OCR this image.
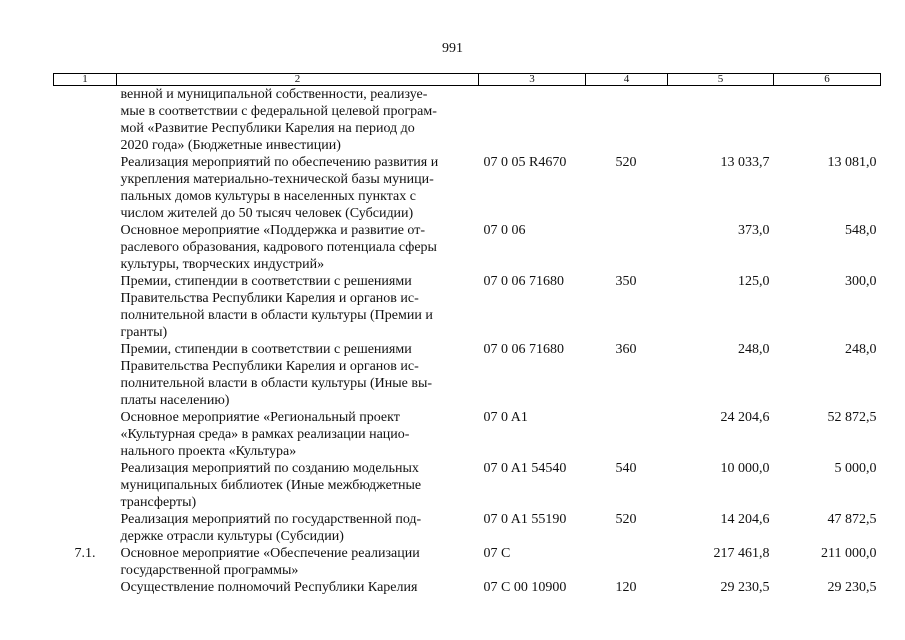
991
1	2	3	4	5	6
	венной и муниципальной собственности, реализуе-
мые в соответствии с федеральной целевой програм-
мой «Развитие Республики Карелия на период до
2020 года» (Бюджетные инвестиции)				
	Реализация мероприятий по обеспечению развития и
укрепления материально-технической базы муници-
пальных домов культуры в населенных пунктах с
числом жителей до 50 тысяч человек (Субсидии)	07 0 05 R4670	520	13 033,7	13 081,0
	Основное мероприятие «Поддержка и развитие от-
раслевого образования, кадрового потенциала сферы
культуры, творческих индустрий»	07 0 06		373,0	548,0
	Премии, стипендии в соответствии с решениями
Правительства Республики Карелия и органов ис-
полнительной власти в области культуры (Премии и
гранты)	07 0 06 71680	350	125,0	300,0
	Премии, стипендии в соответствии с решениями
Правительства Республики Карелия и органов ис-
полнительной власти в области культуры (Иные вы-
платы населению)	07 0 06 71680	360	248,0	248,0
	Основное мероприятие «Региональный проект
«Культурная среда» в рамках реализации нацио-
нального проекта «Культура»	07 0 A1		24 204,6	52 872,5
	Реализация мероприятий по созданию модельных
муниципальных библиотек (Иные межбюджетные
трансферты)	07 0 A1 54540	540	10 000,0	5 000,0
	Реализация мероприятий по государственной под-
держке отрасли культуры (Субсидии)	07 0 A1 55190	520	14 204,6	47 872,5
7.1.	Основное мероприятие «Обеспечение реализации
государственной программы»	07 С		217 461,8	211 000,0
	Осуществление полномочий Республики Карелия	07 С 00 10900	120	29 230,5	29 230,5
